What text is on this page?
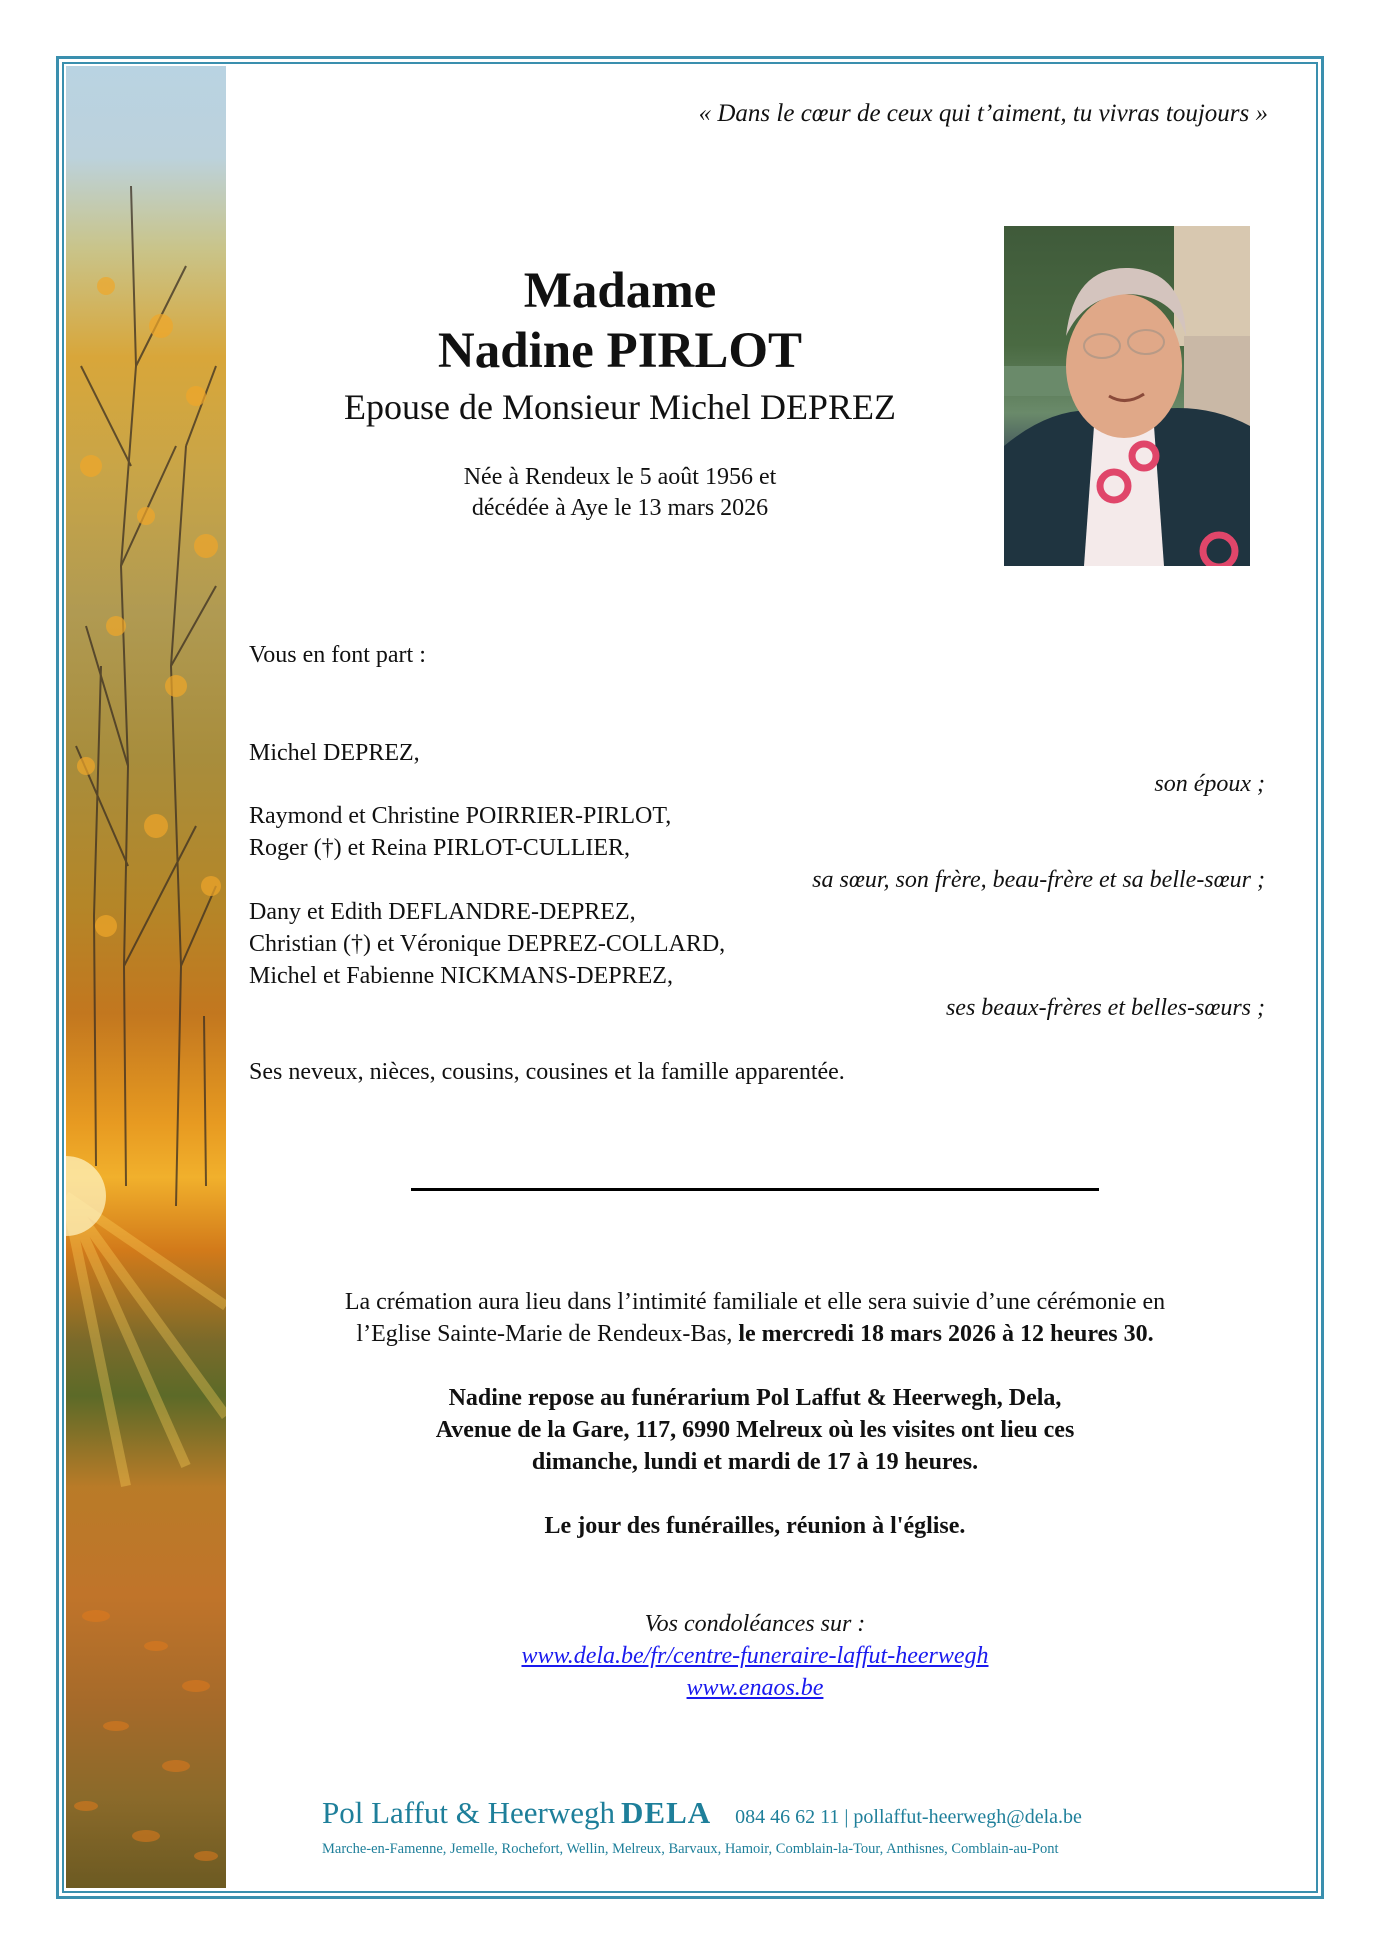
« Dans le cœur de ceux qui t’aiment, tu vivras toujours »
Madame
Nadine PIRLOT
Epouse de Monsieur Michel DEPREZ
Née à Rendeux le 5 août 1956 et
décédée à Aye le 13 mars 2026
Vous en font part :
Michel DEPREZ,
son époux ;
Raymond et Christine POIRRIER-PIRLOT,
Roger (†) et Reina PIRLOT-CULLIER,
sa sœur, son frère, beau-frère et sa belle-sœur ;
Dany et Edith DEFLANDRE-DEPREZ,
Christian (†) et Véronique DEPREZ-COLLARD,
Michel et Fabienne NICKMANS-DEPREZ,
ses beaux-frères et belles-sœurs ;
Ses neveux, nièces, cousins, cousines et la famille apparentée.
La crémation aura lieu dans l’intimité familiale et elle sera suivie d’une cérémonie en
l’Eglise Sainte-Marie de Rendeux-Bas, le mercredi 18 mars 2026 à 12 heures 30.
Nadine repose au funérarium Pol Laffut & Heerwegh, Dela,
Avenue de la Gare, 117, 6990 Melreux où les visites ont lieu ces
dimanche, lundi et mardi de 17 à 19 heures.
Le jour des funérailles, réunion à l'église.
Vos condoléances sur :
www.dela.be/fr/centre-funeraire-laffut-heerwegh
www.enaos.be
Pol Laffut & Heerwegh DELA 084 46 62 11 | pollaffut-heerwegh@dela.be
Marche-en-Famenne, Jemelle, Rochefort, Wellin, Melreux, Barvaux, Hamoir, Comblain-la-Tour, Anthisnes, Comblain-au-Pont
